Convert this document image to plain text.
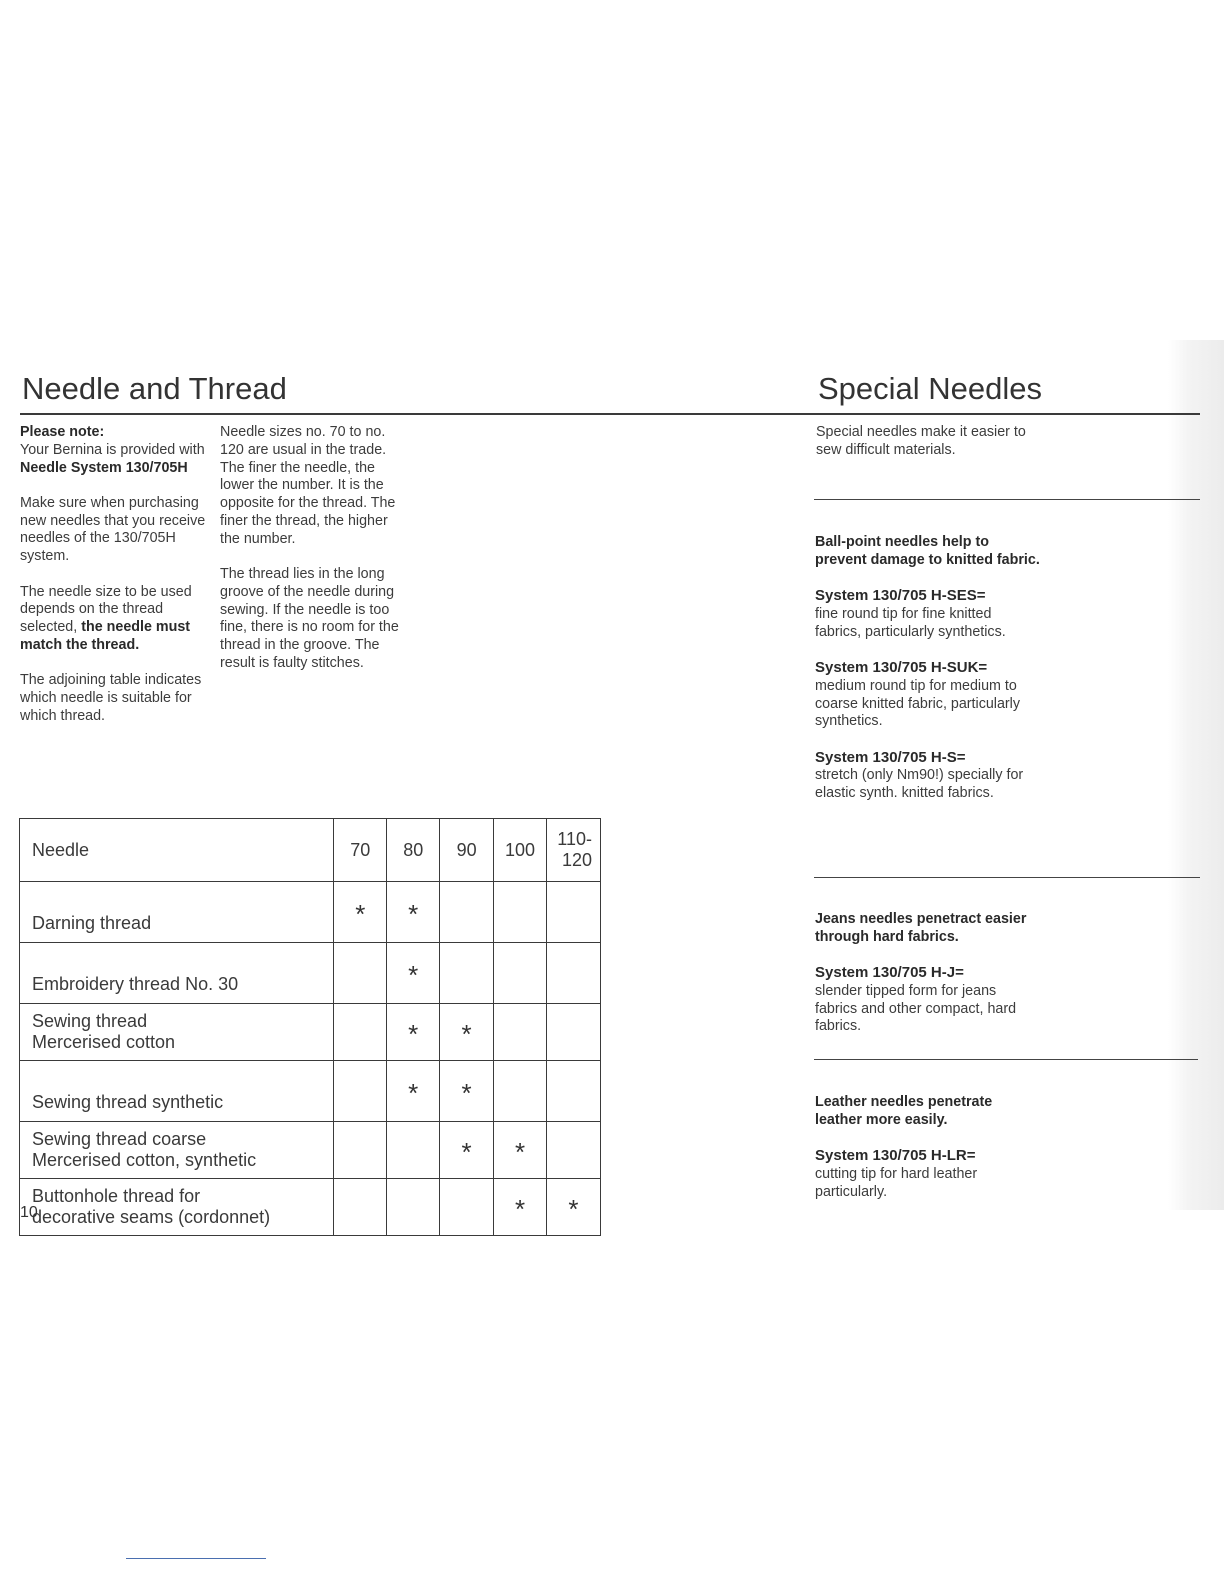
Needle and Thread	Special Needles

Please note:
Your Bernina is provided with Needle System 130/705H

Make sure when purchasing new needles that you receive needles of the 130/705H system.

The needle size to be used depends on the thread selected, the needle must match the thread.

The adjoining table indicates which needle is suitable for which thread.

Needle sizes no. 70 to no. 120 are usual in the trade. The finer the needle, the lower the number. It is the opposite for the thread. The finer the thread, the higher the number.

The thread lies in the long groove of the needle during sewing. If the needle is too fine, there is no room for the thread in the groove. The result is faulty stitches.

Special needles make it easier to sew difficult materials.

Ball-point needles help to prevent damage to knitted fabric.

System 130/705 H-SES=
fine round tip for fine knitted fabrics, particularly synthetics.

System 130/705 H-SUK=
medium round tip for medium to coarse knitted fabric, particularly synthetics.

System 130/705 H-S=
stretch (only Nm90!) specially for elastic synth. knitted fabrics.

Jeans needles penetract easier through hard fabrics.

System 130/705 H-J=
slender tipped form for jeans fabrics and other compact, hard fabrics.

Leather needles penetrate leather more easily.

System 130/705 H-LR=
cutting tip for hard leather particularly.

Needle	70	80	90	100	110-
120

Darning thread	*	*			

Embroidery thread No. 30		*			

Sewing thread
Mercerised cotton		*	*		

Sewing thread synthetic		*	*		

Sewing thread coarse
Mercerised cotton, synthetic			*	*	

Buttonhole thread for
decorative seams (cordonnet)				*	*
10
